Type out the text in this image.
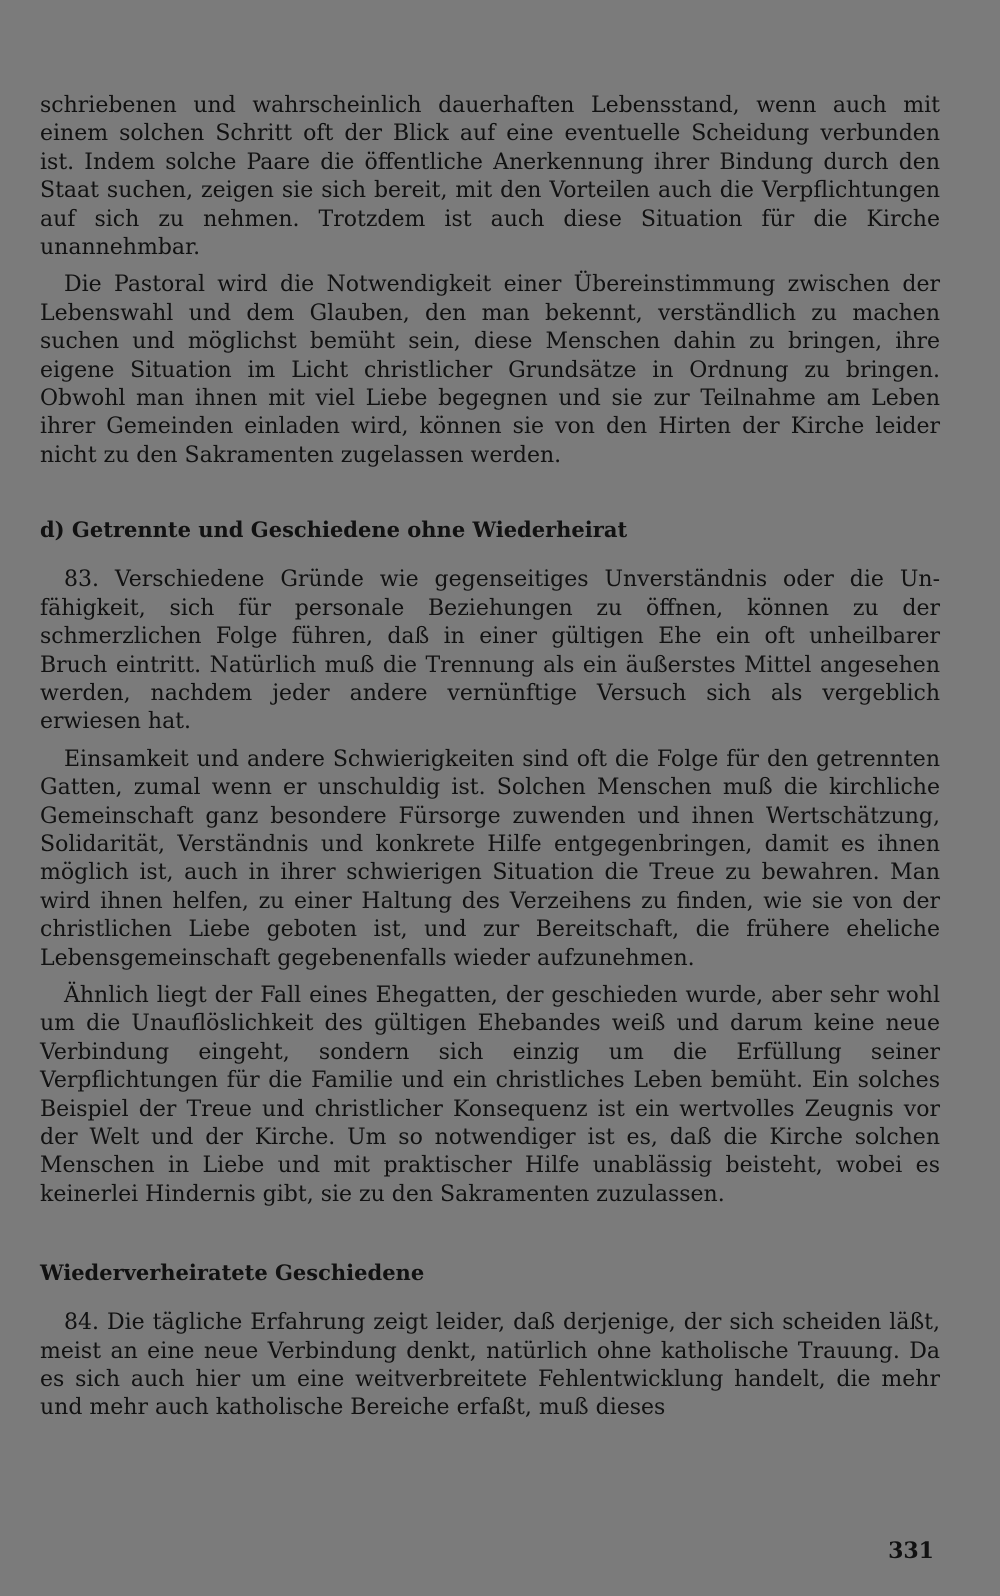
schriebenen und wahrscheinlich dauerhaften Lebensstand, wenn auch mit einem solchen Schritt oft der Blick auf eine eventuelle Scheidung verbunden ist. Indem solche Paare die öffentliche Anerkennung ihrer Bindung durch den Staat suchen, zeigen sie sich bereit, mit den Vorteilen auch die Verpflichtungen auf sich zu nehmen. Trotzdem ist auch diese Situation für die Kirche unannehmbar.

Die Pastoral wird die Notwendigkeit einer Übereinstimmung zwischen der Lebenswahl und dem Glauben, den man bekennt, verständlich zu machen suchen und möglichst bemüht sein, diese Menschen dahin zu bringen, ihre eigene Situation im Licht christlicher Grundsätze in Ordnung zu bringen. Obwohl man ihnen mit viel Liebe begegnen und sie zur Teilnahme am Leben ihrer Gemeinden einladen wird, können sie von den Hirten der Kirche leider nicht zu den Sakramenten zugelassen werden.

d) Getrennte und Geschiedene ohne Wiederheirat

83. Verschiedene Gründe wie gegenseitiges Unverständnis oder die Unfähigkeit, sich für personale Beziehungen zu öffnen, können zu der schmerzlichen Folge führen, daß in einer gültigen Ehe ein oft unheilbarer Bruch eintritt. Natürlich muß die Trennung als ein äußerstes Mittel angesehen werden, nachdem jeder andere vernünftige Versuch sich als vergeblich erwiesen hat.

Einsamkeit und andere Schwierigkeiten sind oft die Folge für den getrennten Gatten, zumal wenn er unschuldig ist. Solchen Menschen muß die kirchliche Gemeinschaft ganz besondere Fürsorge zuwenden und ihnen Wertschätzung, Solidarität, Verständnis und konkrete Hilfe entgegenbringen, damit es ihnen möglich ist, auch in ihrer schwierigen Situation die Treue zu bewahren. Man wird ihnen helfen, zu einer Haltung des Verzeihens zu finden, wie sie von der christlichen Liebe geboten ist, und zur Bereitschaft, die frühere eheliche Lebensgemeinschaft gegebenenfalls wieder aufzunehmen.

Ähnlich liegt der Fall eines Ehegatten, der geschieden wurde, aber sehr wohl um die Unauflöslichkeit des gültigen Ehebandes weiß und darum keine neue Verbindung eingeht, sondern sich einzig um die Erfüllung seiner Verpflichtungen für die Familie und ein christliches Leben bemüht. Ein solches Beispiel der Treue und christlicher Konsequenz ist ein wertvolles Zeugnis vor der Welt und der Kirche. Um so notwendiger ist es, daß die Kirche solchen Menschen in Liebe und mit praktischer Hilfe unablässig beisteht, wobei es keinerlei Hindernis gibt, sie zu den Sakramenten zuzulassen.

Wiederverheiratete Geschiedene

84. Die tägliche Erfahrung zeigt leider, daß derjenige, der sich scheiden läßt, meist an eine neue Verbindung denkt, natürlich ohne katholische Trauung. Da es sich auch hier um eine weitverbreitete Fehlentwicklung handelt, die mehr und mehr auch katholische Bereiche erfaßt, muß dieses

331
